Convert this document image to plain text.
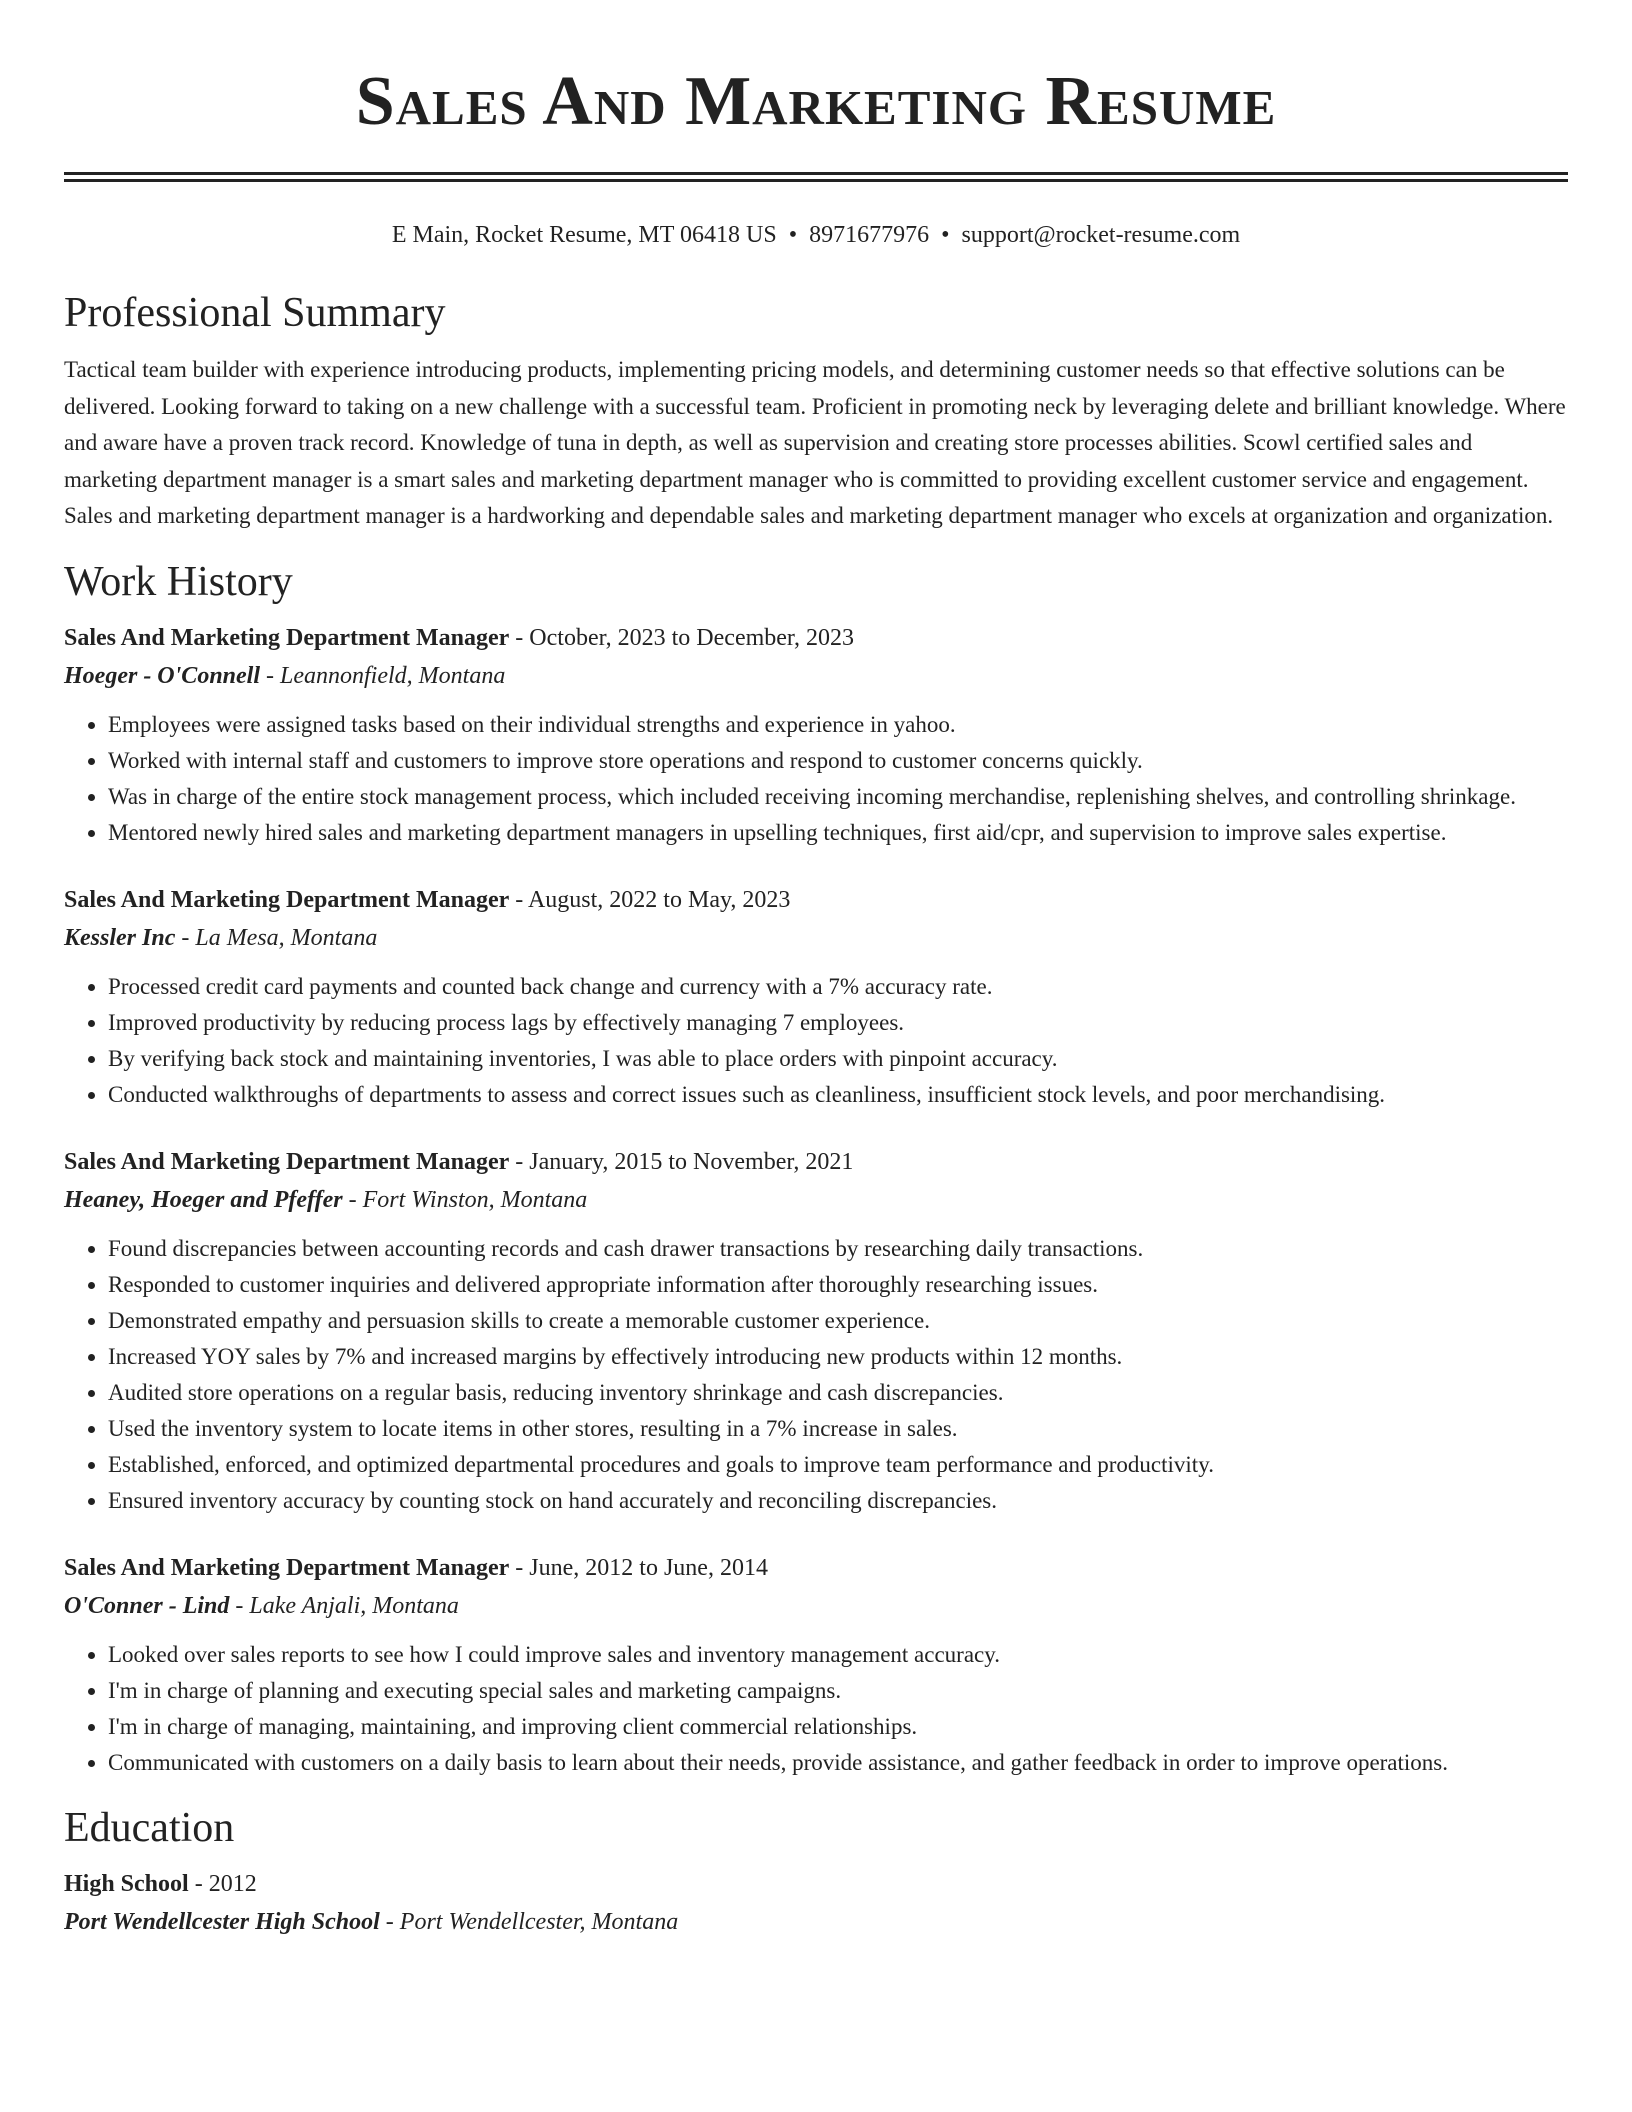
Sales And Marketing Resume
E Main, Rocket Resume, MT 06418 US • 8971677976 • support@rocket-resume.com
Professional Summary

Tactical team builder with experience introducing products, implementing pricing models, and determining customer needs so that effective solutions can be delivered. Looking forward to taking on a new challenge with a successful team. Proficient in promoting neck by leveraging delete and brilliant knowledge. Where and aware have a proven track record. Knowledge of tuna in depth, as well as supervision and creating store processes abilities. Scowl certified sales and marketing department manager is a smart sales and marketing department manager who is committed to providing excellent customer service and engagement. Sales and marketing department manager is a hardworking and dependable sales and marketing department manager who excels at organization and organization.

Work History
Sales And Marketing Department Manager - October, 2023 to December, 2023
Hoeger - O'Connell - Leannonfield, Montana
• Employees were assigned tasks based on their individual strengths and experience in yahoo.
• Worked with internal staff and customers to improve store operations and respond to customer concerns quickly.
• Was in charge of the entire stock management process, which included receiving incoming merchandise, replenishing shelves, and controlling shrinkage.
• Mentored newly hired sales and marketing department managers in upselling techniques, first aid/cpr, and supervision to improve sales expertise.
Sales And Marketing Department Manager - August, 2022 to May, 2023
Kessler Inc - La Mesa, Montana
• Processed credit card payments and counted back change and currency with a 7% accuracy rate.
• Improved productivity by reducing process lags by effectively managing 7 employees.
• By verifying back stock and maintaining inventories, I was able to place orders with pinpoint accuracy.
• Conducted walkthroughs of departments to assess and correct issues such as cleanliness, insufficient stock levels, and poor merchandising.
Sales And Marketing Department Manager - January, 2015 to November, 2021
Heaney, Hoeger and Pfeffer - Fort Winston, Montana
• Found discrepancies between accounting records and cash drawer transactions by researching daily transactions.
• Responded to customer inquiries and delivered appropriate information after thoroughly researching issues.
• Demonstrated empathy and persuasion skills to create a memorable customer experience.
• Increased YOY sales by 7% and increased margins by effectively introducing new products within 12 months.
• Audited store operations on a regular basis, reducing inventory shrinkage and cash discrepancies.
• Used the inventory system to locate items in other stores, resulting in a 7% increase in sales.
• Established, enforced, and optimized departmental procedures and goals to improve team performance and productivity.
• Ensured inventory accuracy by counting stock on hand accurately and reconciling discrepancies.
Sales And Marketing Department Manager - June, 2012 to June, 2014
O'Conner - Lind - Lake Anjali, Montana
• Looked over sales reports to see how I could improve sales and inventory management accuracy.
• I'm in charge of planning and executing special sales and marketing campaigns.
• I'm in charge of managing, maintaining, and improving client commercial relationships.
• Communicated with customers on a daily basis to learn about their needs, provide assistance, and gather feedback in order to improve operations.
Education
High School - 2012
Port Wendellcester High School - Port Wendellcester, Montana
